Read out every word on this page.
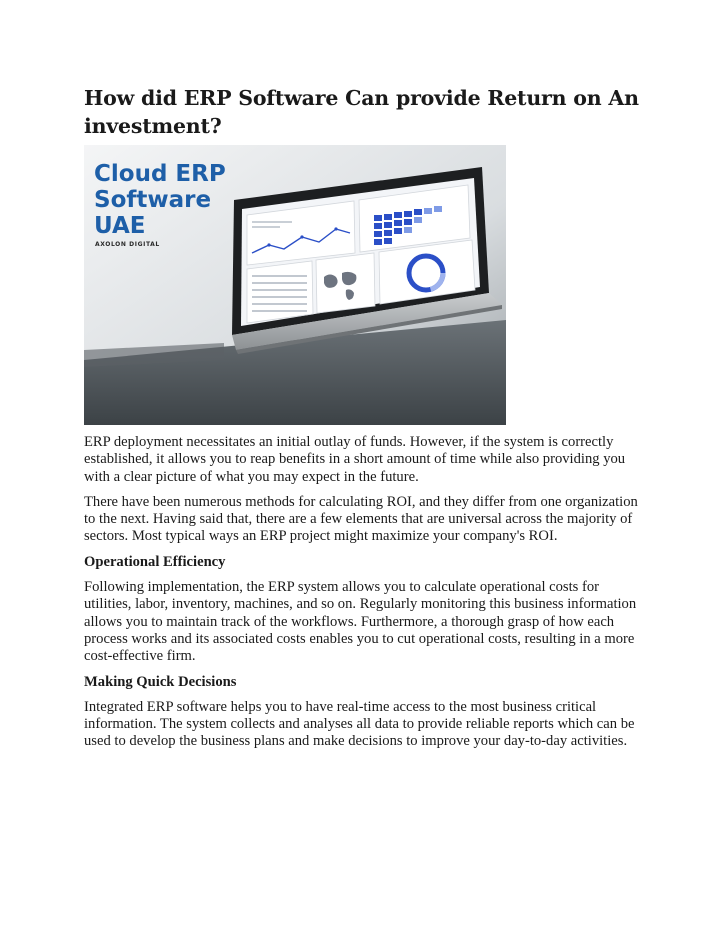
How did ERP Software Can provide Return on An investment?
Cloud ERP
Software
UAE
AXOLON DIGITAL

ERP deployment necessitates an initial outlay of funds. However, if the system is correctly established, it allows you to reap benefits in a short amount of time while also providing you with a clear picture of what you may expect in the future.

There have been numerous methods for calculating ROI, and they differ from one organization to the next. Having said that, there are a few elements that are universal across the majority of sectors. Most typical ways an ERP project might maximize your company's ROI.

Operational Efficiency

Following implementation, the ERP system allows you to calculate operational costs for utilities, labor, inventory, machines, and so on. Regularly monitoring this business information allows you to maintain track of the workflows. Furthermore, a thorough grasp of how each process works and its associated costs enables you to cut operational costs, resulting in a more cost-effective firm.

Making Quick Decisions

Integrated ERP software helps you to have real-time access to the most business critical information. The system collects and analyses all data to provide reliable reports which can be used to develop the business plans and make decisions to improve your day-to-day activities.
